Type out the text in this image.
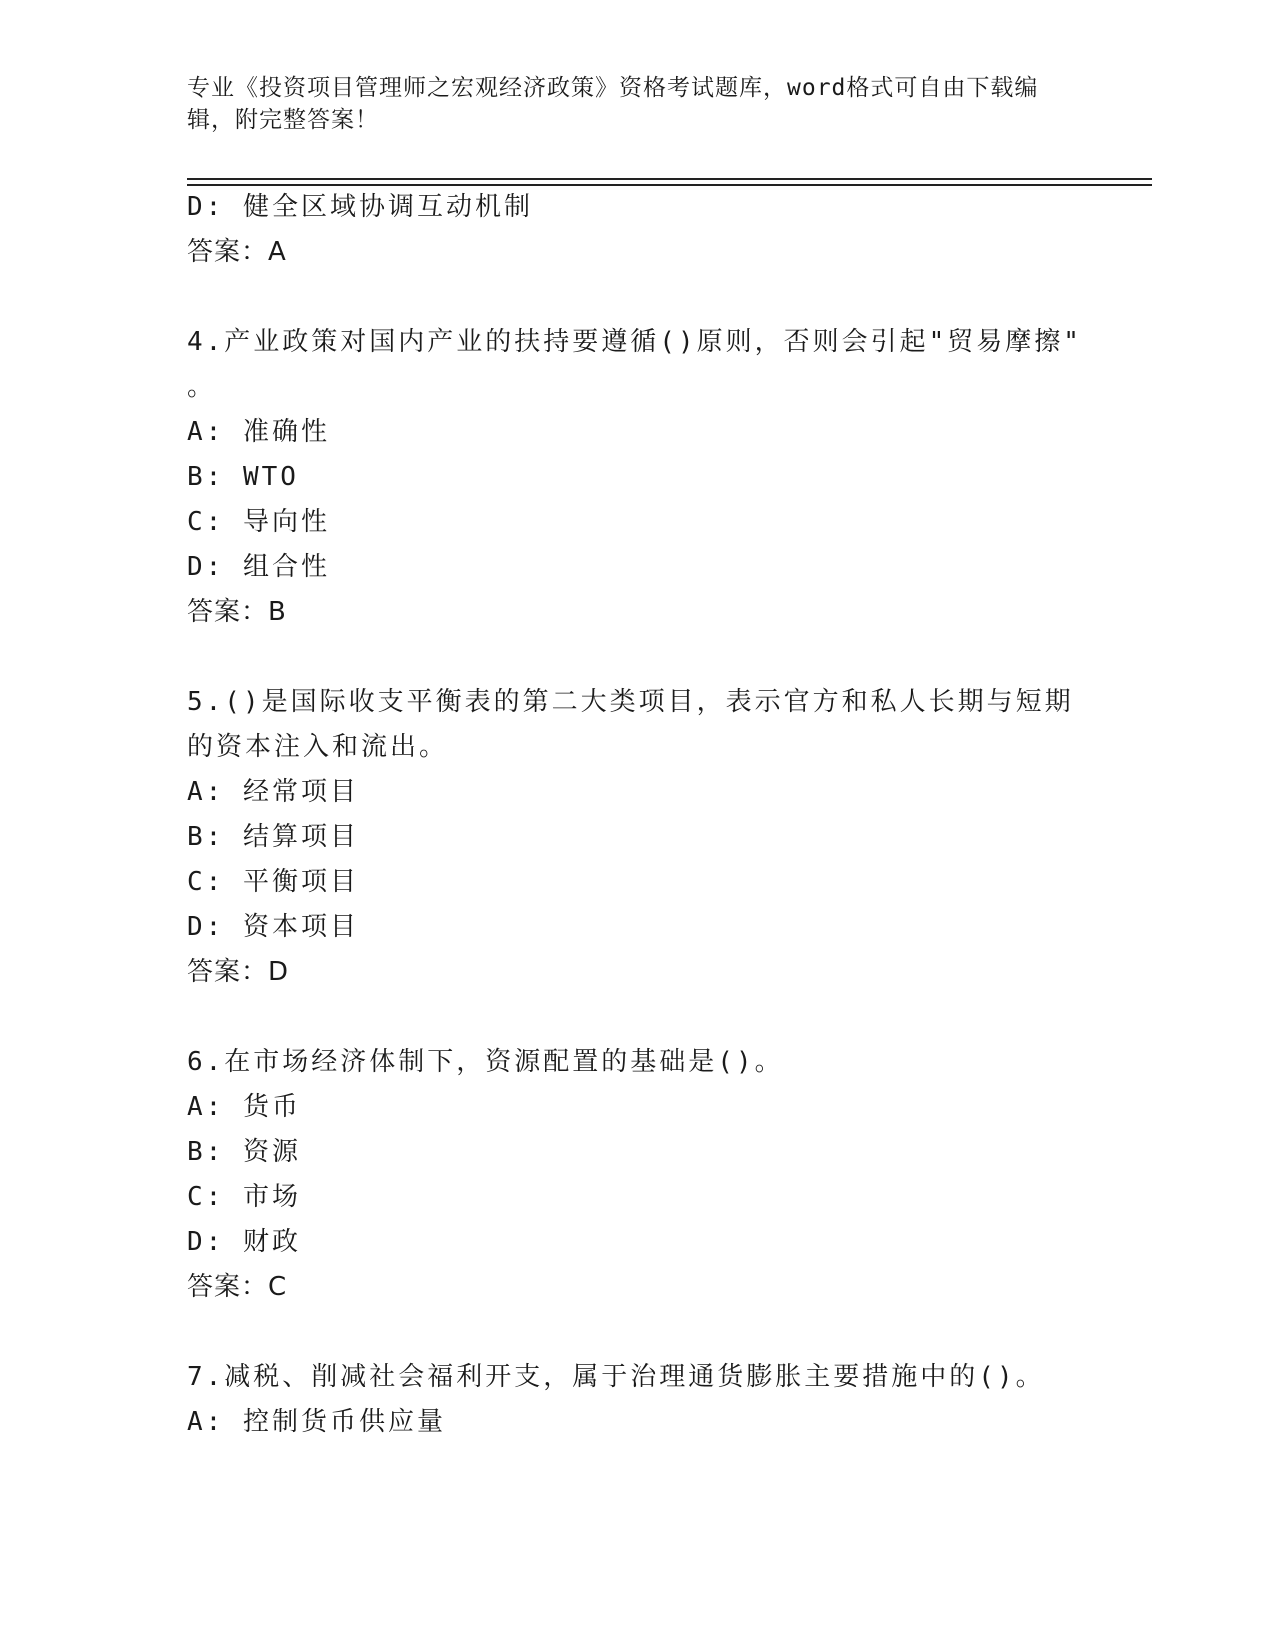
专业《投资项目管理师之宏观经济政策》资格考试题库，word格式可自由下载编
辑，附完整答案！
D: 健全区域协调互动机制
答案：A
4.产业政策对国内产业的扶持要遵循()原则，否则会引起"贸易摩擦"
。
A: 准确性
B: WTO
C: 导向性
D: 组合性
答案：B
5.()是国际收支平衡表的第二大类项目，表示官方和私人长期与短期
的资本注入和流出。
A: 经常项目
B: 结算项目
C: 平衡项目
D: 资本项目
答案：D
6.在市场经济体制下，资源配置的基础是()。
A: 货币
B: 资源
C: 市场
D: 财政
答案：C
7.减税、削减社会福利开支，属于治理通货膨胀主要措施中的()。
A: 控制货币供应量
